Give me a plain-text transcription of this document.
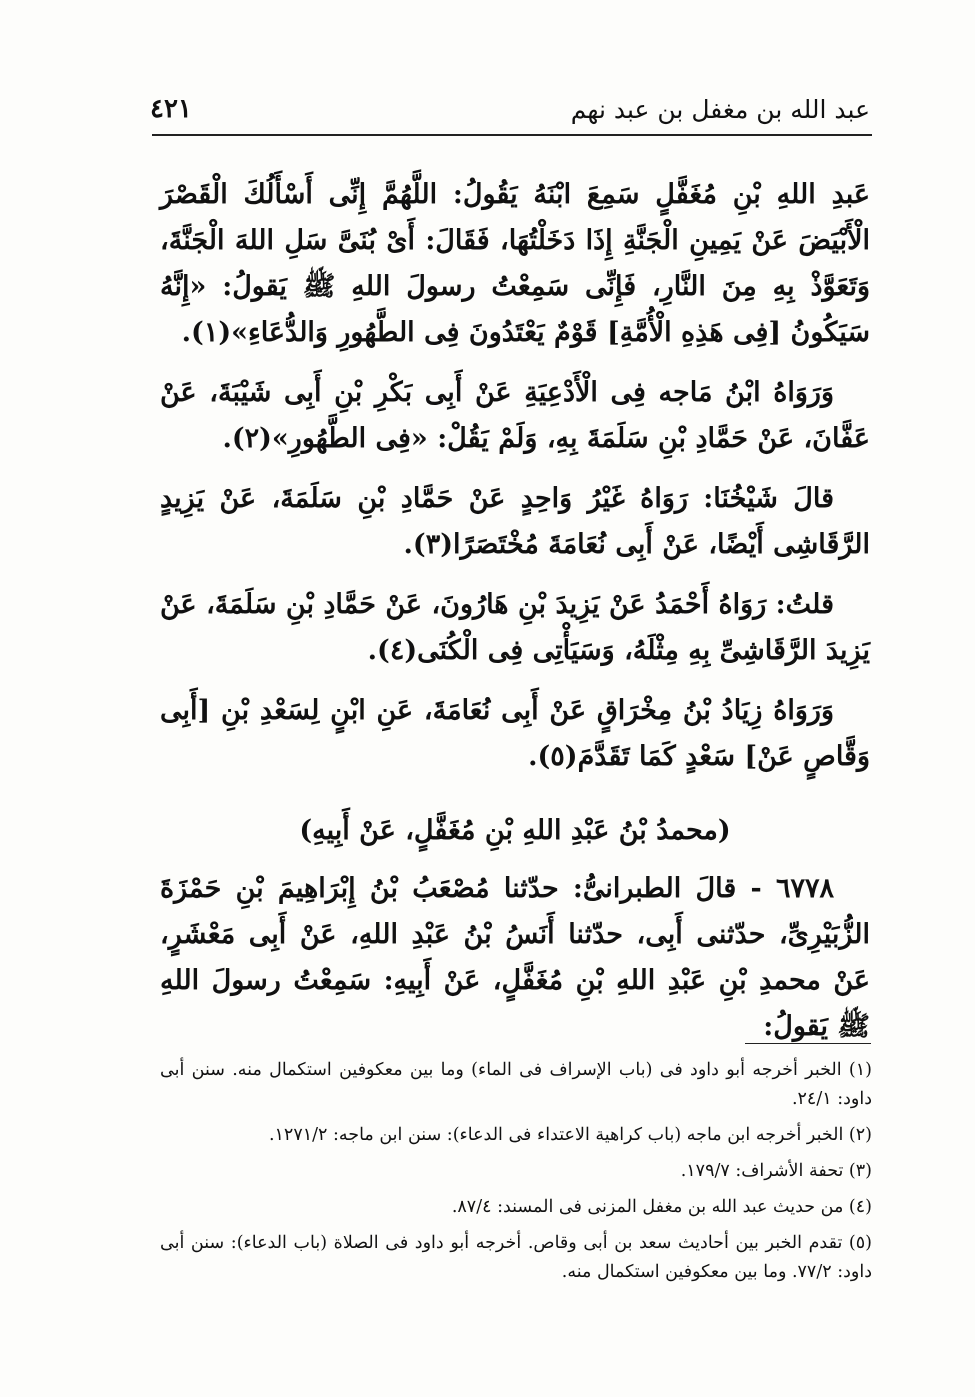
عبد الله بن مغفل بن عبد نهم
٤٢١

عَبدِ اللهِ بْنِ مُغَفَّلٍ سَمِعَ ابْنَهُ يَقُولُ: اللَّهُمَّ إِنِّى أَسْأَلُكَ الْقَصْرَ الْأَبْيَضَ عَنْ يَمِينِ الْجَنَّةِ إِذَا دَخَلْتُهَا، فَقَالَ: أَىْ بُنَىَّ سَلِ اللهَ الْجَنَّةَ، وَتَعَوَّذْ بِهِ مِنَ النَّارِ، فَإِنِّى سَمِعْتُ رسولَ اللهِ ﷺ يَقولُ: «إِنَّهُ سَيَكُونُ [فِى هَذِهِ الْأُمَّةِ] قَوْمٌ يَعْتَدُونَ فِى الطَّهُورِ وَالدُّعَاءِ»(١).

وَرَوَاهُ ابْنُ مَاجه فِى الْأَدْعِيَةِ عَنْ أَبِى بَكْرِ بْنِ أَبِى شَيْبَةَ، عَنْ عَفَّانَ، عَنْ حَمَّادِ بْنِ سَلَمَةَ بِهِ، وَلَمْ يَقُلْ: «فِى الطَّهُورِ»(٢).

قالَ شَيْخُنَا: رَوَاهُ غَيْرُ وَاحِدٍ عَنْ حَمَّادِ بْنِ سَلَمَةَ، عَنْ يَزِيدٍ الرَّقَاشِى أَيْضًا، عَنْ أَبِى نُعَامَةَ مُخْتَصَرًا(٣).

قلتُ: رَوَاهُ أَحْمَدُ عَنْ يَزِيدَ بْنِ هَارُونَ، عَنْ حَمَّادِ بْنِ سَلَمَةَ، عَنْ يَزِيدَ الرَّقَاشِىِّ بِهِ مِثْلَهُ، وَسَيَأْتِى فِى الْكُنَى(٤).

وَرَوَاهُ زِيَادُ بْنُ مِخْرَاقٍ عَنْ أَبِى نُعَامَةَ، عَنِ ابْنٍ لِسَعْدِ بْنِ [أَبِى وَقَّاصٍ عَنْ] سَعْدٍ كَمَا تَقَدَّمَ(٥).

(محمدُ بْنُ عَبْدِ اللهِ بْنِ مُغَفَّلٍ، عَنْ أَبِيهِ)

٦٧٧٨ - قالَ الطبرانىُّ: حدّثنا مُصْعَبُ بْنُ إِبْرَاهِيمَ بْنِ حَمْزَةَ الزُّبَيْرِىِّ، حدّثنى أَبِى، حدّثنا أَنَسُ بْنُ عَبْدِ اللهِ، عَنْ أَبِى مَعْشَرٍ، عَنْ محمدِ بْنِ عَبْدِ اللهِ بْنِ مُغَفَّلٍ، عَنْ أَبِيهِ: سَمِعْتُ رسولَ اللهِ ﷺ يَقولُ:

(١) الخبر أخرجه أبو داود فى (باب الإسراف فى الماء) وما بين معكوفين استكمال منه. سنن أبى داود: ٢٤/١.

(٢) الخبر أخرجه ابن ماجه (باب كراهية الاعتداء فى الدعاء): سنن ابن ماجه: ١٢٧١/٢.

(٣) تحفة الأشراف: ١٧٩/٧.

(٤) من حديث عبد الله بن مغفل المزنى فى المسند: ٨٧/٤.

(٥) تقدم الخبر بين أحاديث سعد بن أبى وقاص. أخرجه أبو داود فى الصلاة (باب الدعاء): سنن أبى داود: ٧٧/٢. وما بين معكوفين استكمال منه.
